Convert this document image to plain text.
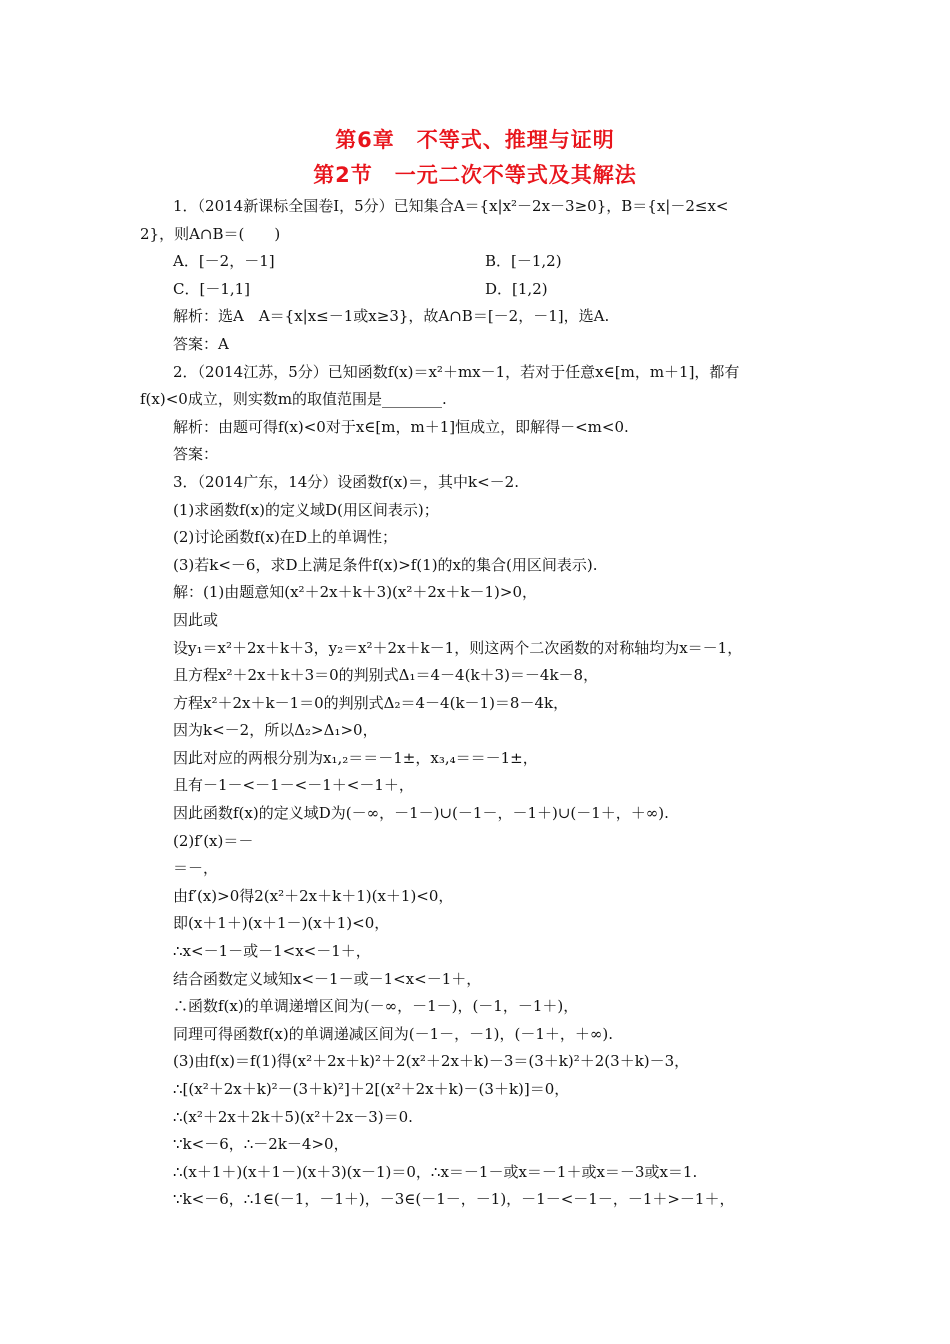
第6章　不等式、推理与证明
第2节　一元二次不等式及其解法
1．（2014新课标全国卷Ⅰ，5分）已知集合A＝{x|x²－2x－3≥0}，B＝{x|－2≤x<
2}，则A∩B＝(　　)
A．[－2，－1]	B．[－1,2)
C．[－1,1]	D．[1,2)
解析：选A　A＝{x|x≤－1或x≥3}，故A∩B＝[－2，－1]，选A.
答案：A
2．（2014江苏，5分）已知函数f(x)＝x²＋mx－1，若对于任意x∈[m，m＋1]，都有
f(x)<0成立，则实数m的取值范围是________.
解析：由题可得f(x)<0对于x∈[m，m＋1]恒成立，即解得－<m<0.
答案：
3．（2014广东，14分）设函数f(x)＝，其中k<－2.
(1)求函数f(x)的定义域D(用区间表示)；
(2)讨论函数f(x)在D上的单调性；
(3)若k<－6，求D上满足条件f(x)>f(1)的x的集合(用区间表示).
解：(1)由题意知(x²＋2x＋k＋3)(x²＋2x＋k－1)>0，
因此或
设y₁＝x²＋2x＋k＋3，y₂＝x²＋2x＋k－1，则这两个二次函数的对称轴均为x＝－1，
且方程x²＋2x＋k＋3＝0的判别式Δ₁＝4－4(k＋3)＝－4k－8，
方程x²＋2x＋k－1＝0的判别式Δ₂＝4－4(k－1)＝8－4k，
因为k<－2，所以Δ₂>Δ₁>0，
因此对应的两根分别为x₁,₂＝＝－1±，x₃,₄＝＝－1±，
且有－1－<－1－<－1＋<－1＋，
因此函数f(x)的定义域D为(－∞，－1－)∪(－1－，－1＋)∪(－1＋，＋∞).
(2)f′(x)＝－
＝－，
由f′(x)>0得2(x²＋2x＋k＋1)(x＋1)<0，
即(x＋1＋)(x＋1－)(x＋1)<0，
∴x<－1－或－1<x<－1＋，
结合函数定义域知x<－1－或－1<x<－1＋，
∴函数f(x)的单调递增区间为(－∞，－1－)，(－1，－1＋)，
同理可得函数f(x)的单调递减区间为(－1－，－1)，(－1＋，＋∞).
(3)由f(x)＝f(1)得(x²＋2x＋k)²＋2(x²＋2x＋k)－3＝(3＋k)²＋2(3＋k)－3，
∴[(x²＋2x＋k)²－(3＋k)²]＋2[(x²＋2x＋k)－(3＋k)]＝0，
∴(x²＋2x＋2k＋5)(x²＋2x－3)＝0.
∵k<－6，∴－2k－4>0，
∴(x＋1＋)(x＋1－)(x＋3)(x－1)＝0，∴x＝－1－或x＝－1＋或x＝－3或x＝1.
∵k<－6，∴1∈(－1，－1＋)，－3∈(－1－，－1)，－1－<－1－，－1＋>－1＋，
